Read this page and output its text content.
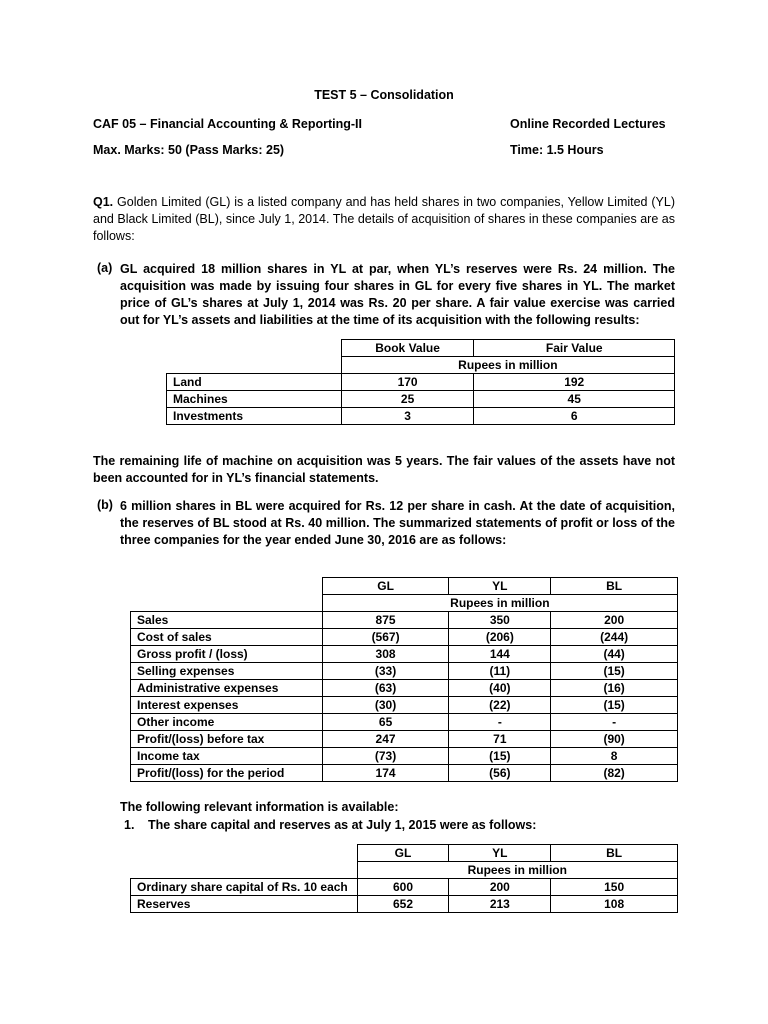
TEST 5 – Consolidation
CAF 05 – Financial Accounting & Reporting-II	Online Recorded Lectures
Max. Marks: 50 (Pass Marks: 25)	Time: 1.5 Hours
Q1. Golden Limited (GL) is a listed company and has held shares in two companies, Yellow Limited (YL) and Black Limited (BL), since July 1, 2014. The details of acquisition of shares in these companies are as follows:
(a) GL acquired 18 million shares in YL at par, when YL’s reserves were Rs. 24 million. The acquisition was made by issuing four shares in GL for every five shares in YL. The market price of GL’s shares at July 1, 2014 was Rs. 20 per share. A fair value exercise was carried out for YL’s assets and liabilities at the time of its acquisition with the following results:
	Book Value	Fair Value
	Rupees in million	
Land	170	192
Machines	25	45
Investments	3	6
The remaining life of machine on acquisition was 5 years. The fair values of the assets have not been accounted for in YL’s financial statements.
(b) 6 million shares in BL were acquired for Rs. 12 per share in cash. At the date of acquisition, the reserves of BL stood at Rs. 40 million. The summarized statements of profit or loss of the three companies for the year ended June 30, 2016 are as follows:
	GL	YL	BL
	Rupees in million		
Sales	875	350	200
Cost of sales	(567)	(206)	(244)
Gross profit / (loss)	308	144	(44)
Selling expenses	(33)	(11)	(15)
Administrative expenses	(63)	(40)	(16)
Interest expenses	(30)	(22)	(15)
Other income	65	-	-
Profit/(loss) before tax	247	71	(90)
Income tax	(73)	(15)	8
Profit/(loss) for the period	174	(56)	(82)
The following relevant information is available:
1. The share capital and reserves as at July 1, 2015 were as follows:
	GL	YL	BL
	Rupees in million		
Ordinary share capital of Rs. 10 each	600	200	150
Reserves	652	213	108
